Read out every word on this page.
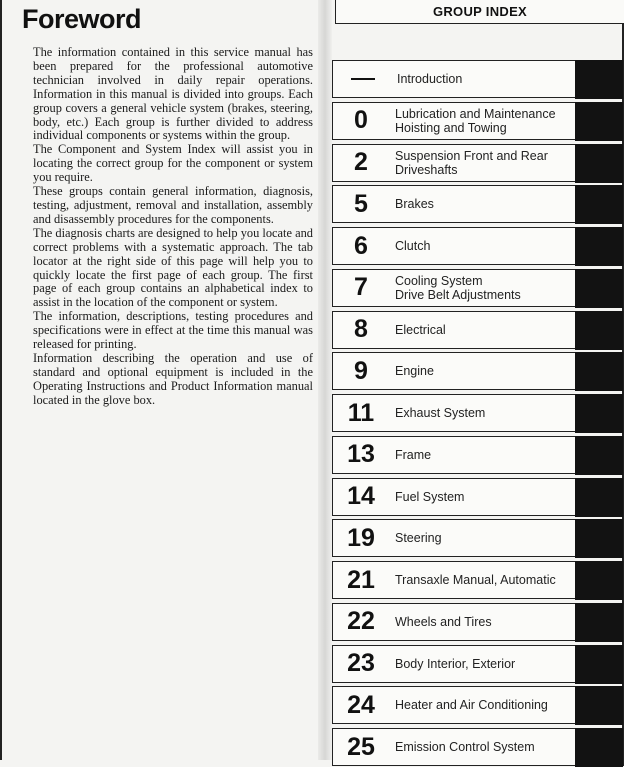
Foreword

The information contained in this service manual has been prepared for the professional automotive technician involved in daily repair operations. Information in this manual is divided into groups. Each group covers a general vehicle system (brakes, steering, body, etc.) Each group is further divided to address individual components or systems within the group.

The Component and System Index will assist you in locating the correct group for the component or system you require.

These groups contain general information, diagnosis, testing, adjustment, removal and installation, assembly and disassembly procedures for the components.

The diagnosis charts are designed to help you locate and correct problems with a systematic approach. The tab locator at the right side of this page will help you to quickly locate the first page of each group. The first page of each group contains an alphabetical index to assist in the location of the component or system.

The information, descriptions, testing procedures and specifications were in effect at the time this manual was released for printing.

Information describing the operation and use of standard and optional equipment is included in the Operating Instructions and Product Information manual located in the glove box.

GROUP INDEX
Introduction
0	Lubrication and Maintenance
Hoisting and Towing
2	Suspension Front and Rear
Driveshafts
5	Brakes
6	Clutch
7	Cooling System
Drive Belt Adjustments
8	Electrical
9	Engine
11	Exhaust System
13	Frame
14	Fuel System
19	Steering
21	Transaxle Manual, Automatic
22	Wheels and Tires
23	Body Interior, Exterior
24	Heater and Air Conditioning
25	Emission Control System
